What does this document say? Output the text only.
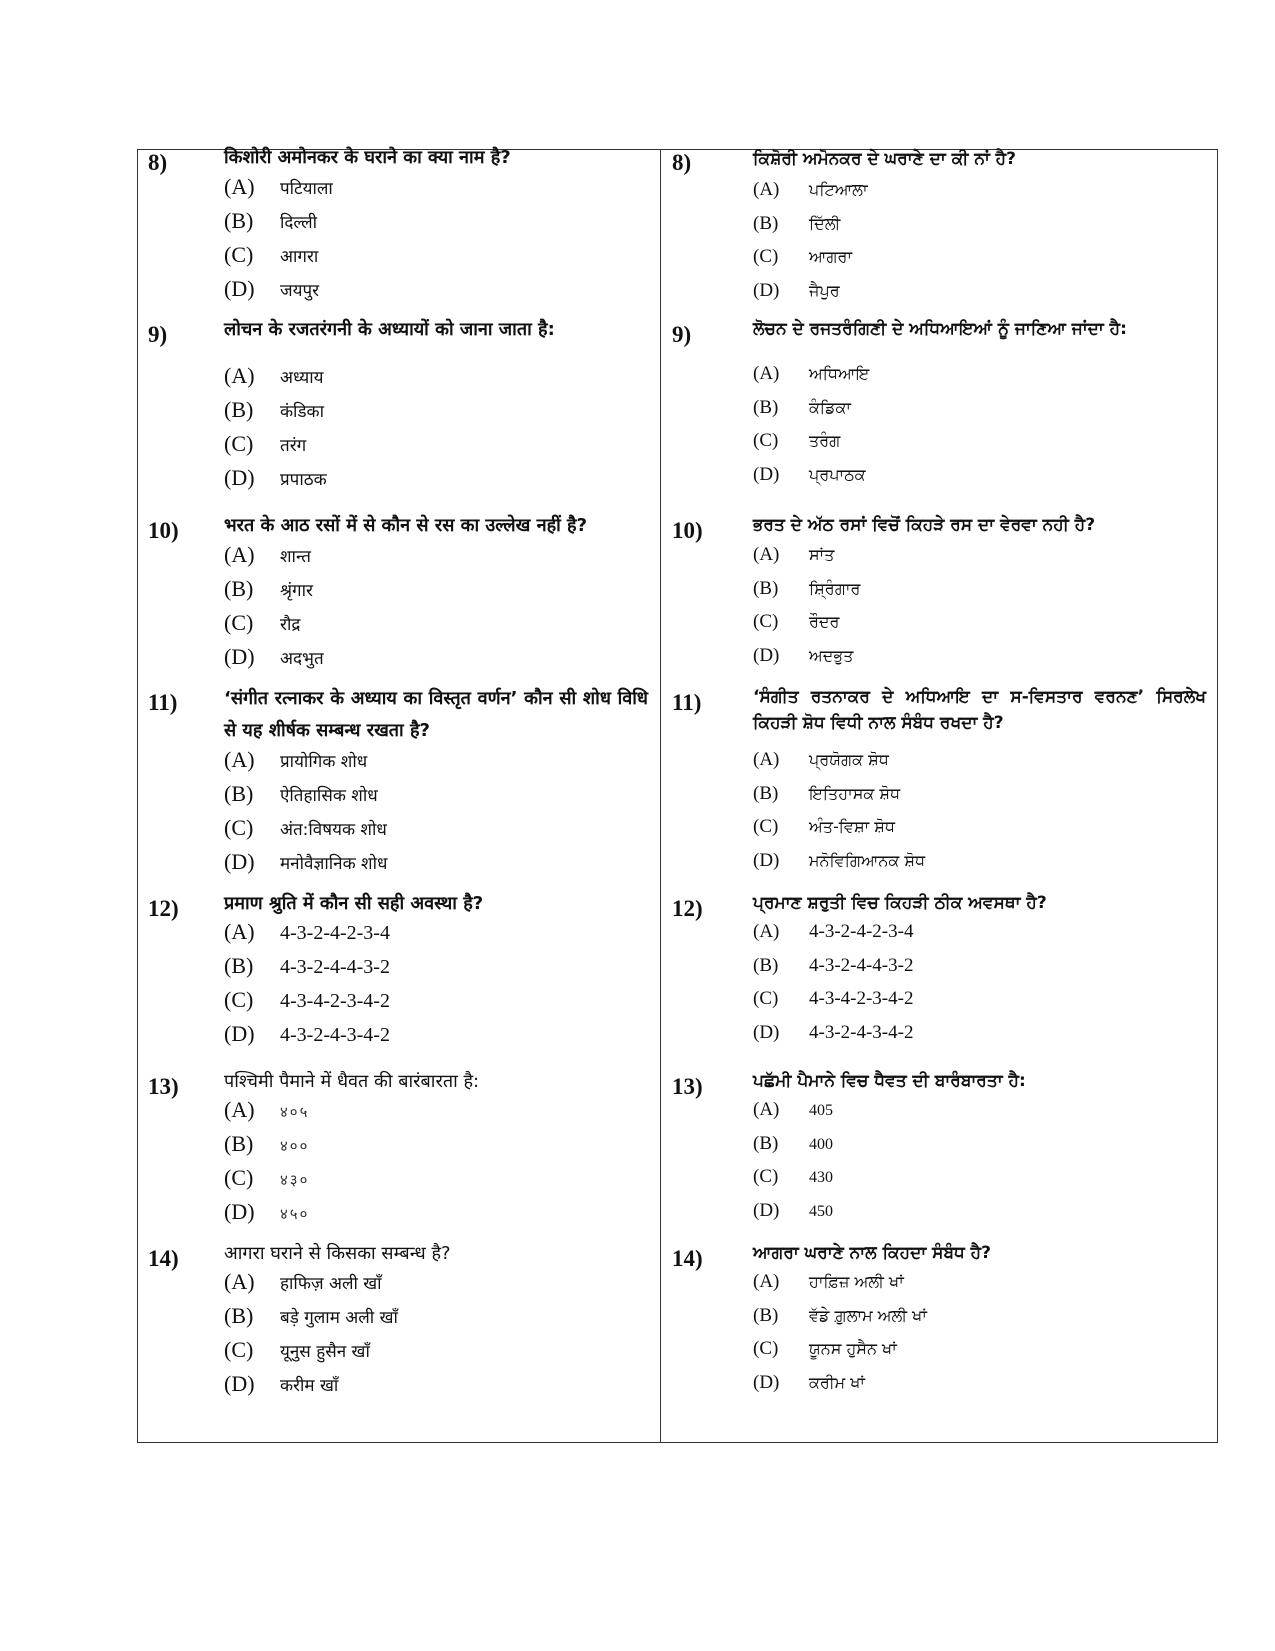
8)	किशोरी अमोनकर के घराने का क्या नाम है?
(A)	पटियाला
(B)	दिल्ली
(C)	आगरा
(D)	जयपुर
9)	लोचन के रजतरंगनी के अध्यायों को जाना जाता है:
(A)	अध्याय
(B)	कंडिका
(C)	तरंग
(D)	प्रपाठक
10)	भरत के आठ रसों में से कौन से रस का उल्लेख नहीं है?
(A)	शान्त
(B)	श्रृंगार
(C)	रौद्र
(D)	अदभुत
11)	‘संगीत रत्नाकर के अध्याय का विस्तृत वर्णन’ कौन सी शोध विधि से यह शीर्षक सम्बन्ध रखता है?
(A)	प्रायोगिक शोध
(B)	ऐतिहासिक शोध
(C)	अंत:विषयक शोध
(D)	मनोवैज्ञानिक शोध
12)	प्रमाण श्रुति में कौन सी सही अवस्था है?
(A)	4-3-2-4-2-3-4
(B)	4-3-2-4-4-3-2
(C)	4-3-4-2-3-4-2
(D)	4-3-2-4-3-4-2
13)	पश्चिमी पैमाने में धैवत की बारंबारता है:
(A)	४०५
(B)	४००
(C)	४३०
(D)	४५०
14)	आगरा घराने से किसका सम्बन्ध है?
(A)	हाफिज़ अली खाँ
(B)	बड़े गुलाम अली खाँ
(C)	यूनुस हुसैन खाँ
(D)	करीम खाँ
8)	ਕਿਸ਼ੋਰੀ ਅਮੋਨਕਰ ਦੇ ਘਰਾਣੇ ਦਾ ਕੀ ਨਾਂ ਹੈ?
(A)	ਪਟਿਆਲਾ
(B)	ਦਿੱਲੀ
(C)	ਆਗਰਾ
(D)	ਜੈਪੁਰ
9)	ਲੋਚਨ ਦੇ ਰਜਤਰੰਗਿਣੀ ਦੇ ਅਧਿਆਇਆਂ ਨੂੰ ਜਾਣਿਆ ਜਾਂਦਾ ਹੈ:
(A)	ਅਧਿਆਇ
(B)	ਕੰਡਿਕਾ
(C)	ਤਰੰਗ
(D)	ਪ੍ਰਪਾਠਕ
10)	ਭਰਤ ਦੇ ਅੱਠ ਰਸਾਂ ਵਿਚੋਂ ਕਿਹੜੇ ਰਸ ਦਾ ਵੇਰਵਾ ਨਹੀ ਹੈ?
(A)	ਸਾਂਤ
(B)	ਸ਼੍ਰਿੰਗਾਰ
(C)	ਰੌਦਰ
(D)	ਅਦਭੁਤ
11)	‘ਸੰਗੀਤ ਰਤਨਾਕਰ ਦੇ ਅਧਿਆਇ ਦਾ ਸ-ਵਿਸਤਾਰ ਵਰਨਣ’ ਸਿਰਲੇਖ ਕਿਹੜੀ ਸ਼ੋਧ ਵਿਧੀ ਨਾਲ ਸੰਬੰਧ ਰਖਦਾ ਹੈ?
(A)	ਪ੍ਰਯੋਗਕ ਸ਼ੋਧ
(B)	ਇਤਿਹਾਸਕ ਸ਼ੋਧ
(C)	ਅੰਤ-ਵਿਸ਼ਾ ਸ਼ੋਧ
(D)	ਮਨੋਵਿਗਿਆਨਕ ਸ਼ੋਧ
12)	ਪ੍ਰਮਾਣ ਸ਼ਰੁਤੀ ਵਿਚ ਕਿਹੜੀ ਠੀਕ ਅਵਸਥਾ ਹੈ?
(A)	4-3-2-4-2-3-4
(B)	4-3-2-4-4-3-2
(C)	4-3-4-2-3-4-2
(D)	4-3-2-4-3-4-2
13)	ਪਛੱਮੀ ਪੈਮਾਨੇ ਵਿਚ ਧੈਵਤ ਦੀ ਬਾਰੰਬਾਰਤਾ ਹੈ:
(A)	405
(B)	400
(C)	430
(D)	450
14)	ਆਗਰਾ ਘਰਾਣੇ ਨਾਲ ਕਿਹਦਾ ਸੰਬੰਧ ਹੈ?
(A)	ਹਾਫ਼ਿਜ਼ ਅਲੀ ਖਾਂ
(B)	ਵੱਡੇ ਗ਼ੁਲਾਮ ਅਲੀ ਖਾਂ
(C)	ਯੂਨਸ ਹੁਸੈਨ ਖਾਂ
(D)	ਕਰੀਮ ਖਾਂ
